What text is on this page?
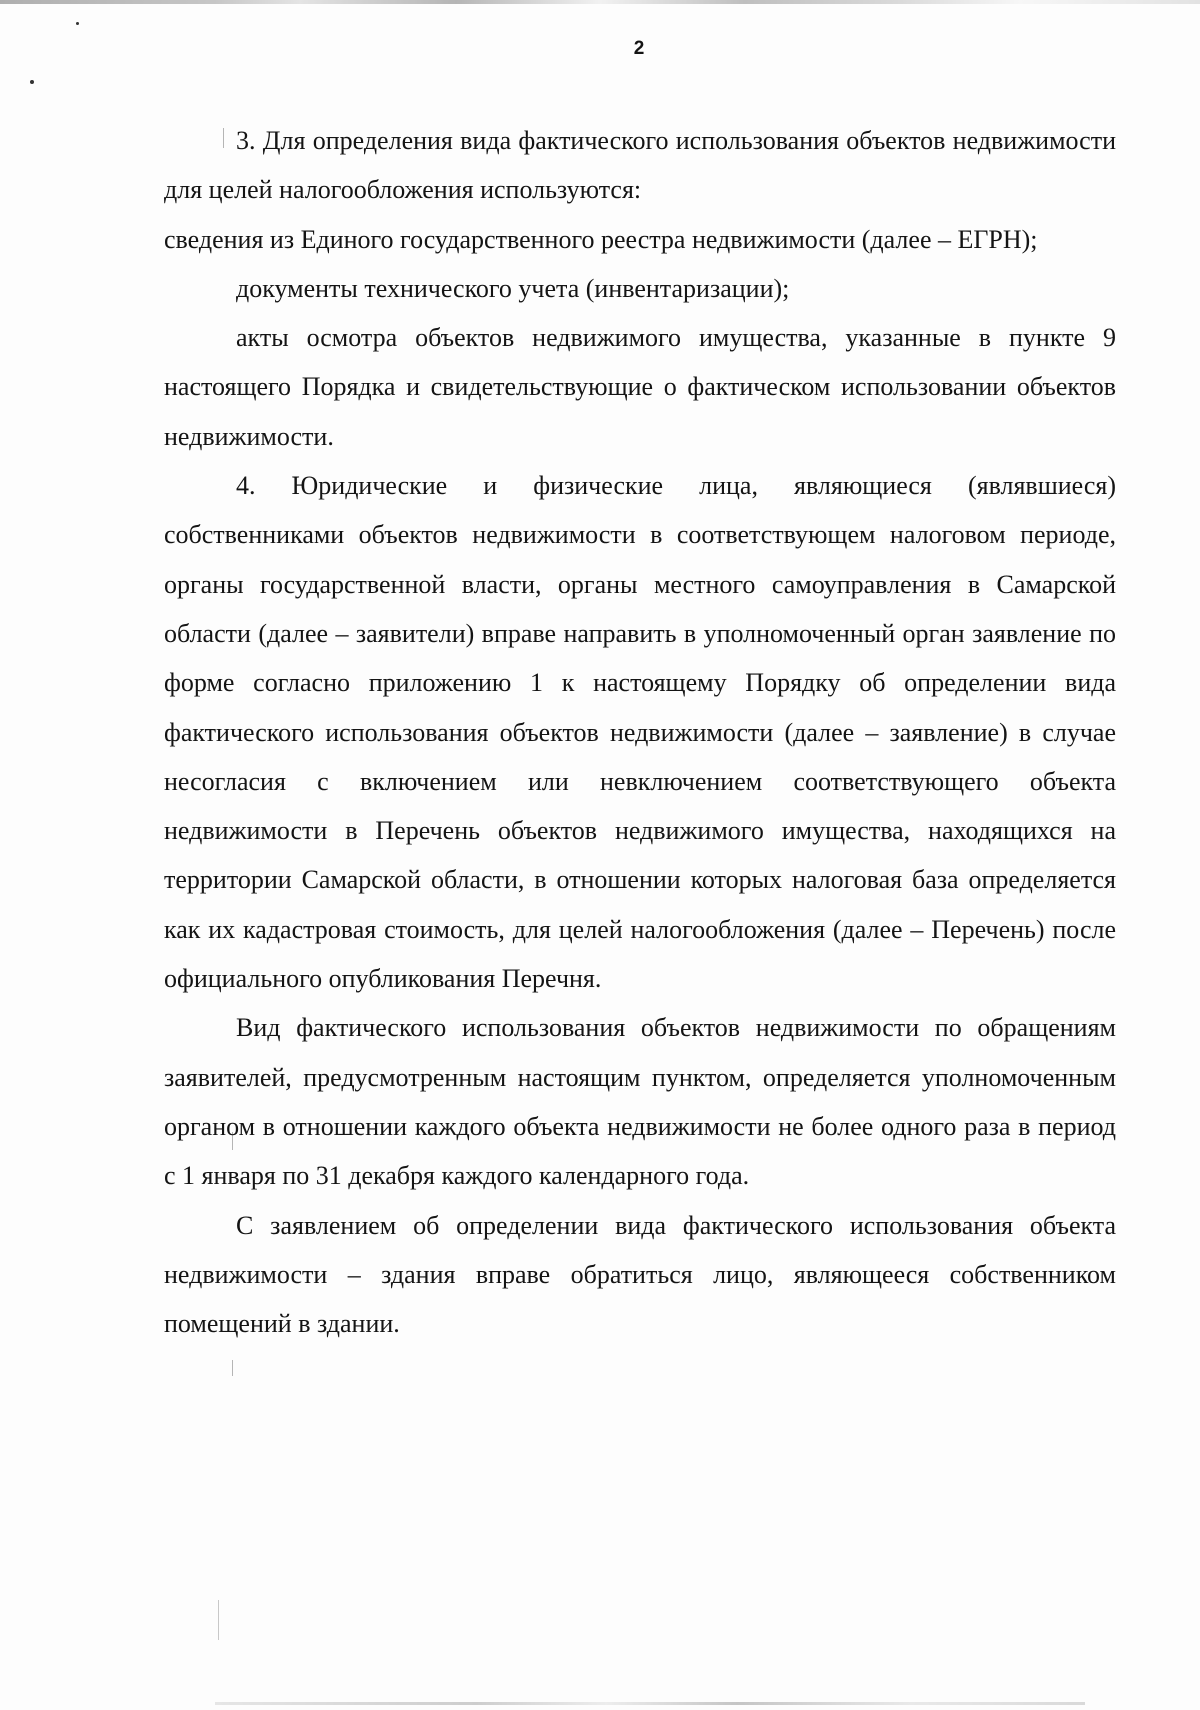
2

3. Для определения вида фактического использования объектов недвижимости для целей налогообложения используются:

сведения из Единого государственного реестра недвижимости (далее – ЕГРН);

документы технического учета (инвентаризации);

акты осмотра объектов недвижимого имущества, указанные в пункте 9 настоящего Порядка и свидетельствующие о фактическом использовании объектов недвижимости.

4. Юридические и физические лица, являющиеся (являвшиеся) собственниками объектов недвижимости в соответствующем налоговом периоде, органы государственной власти, органы местного самоуправления в Самарской области (далее – заявители) вправе направить в уполномоченный орган заявление по форме согласно приложению 1 к настоящему Порядку об определении вида фактического использования объектов недвижимости (далее – заявление) в случае несогласия с включением или невключением соответствующего объекта недвижимости в Перечень объектов недвижимого имущества, находящихся на территории Самарской области, в отношении которых налоговая база определяется как их кадастровая стоимость, для целей налогообложения (далее – Перечень) после официального опубликования Перечня.

Вид фактического использования объектов недвижимости по обращениям заявителей, предусмотренным настоящим пунктом, определяется уполномоченным органом в отношении каждого объекта недвижимости не более одного раза в период с 1 января по 31 декабря каждого календарного года.

С заявлением об определении вида фактического использования объекта недвижимости – здания вправе обратиться лицо, являющееся собственником помещений в здании.
